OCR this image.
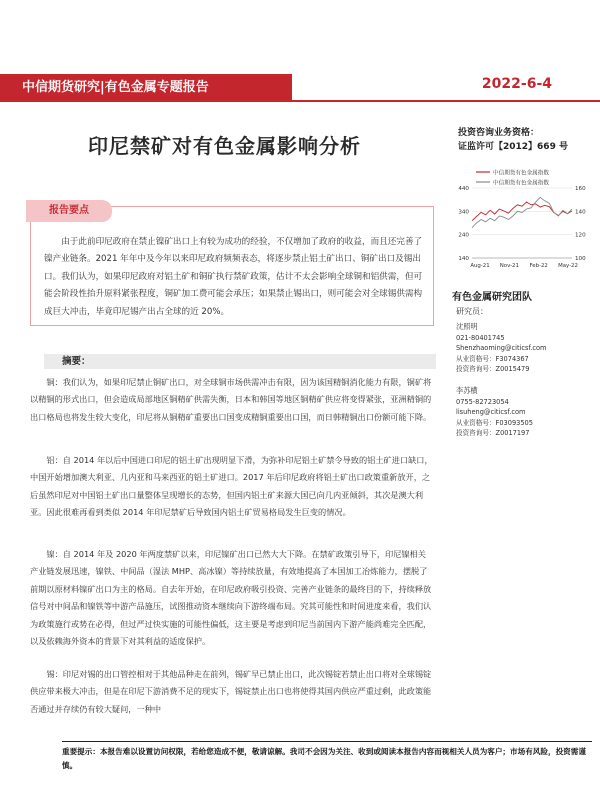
中信期货研究|有色金属专题报告	2022-6-4
印尼禁矿对有色金属影响分析
投资咨询业务资格：
证监许可【2012】669 号
中信期货有色金属指数
中信期货有色金属指数
440
340
240
140
160
140
120
100
Aug-21 Nov-21 Feb-22 May-22
报告要点

由于此前印尼政府在禁止镍矿出口上有较为成功的经验，不仅增加了政府的收益，而且还完善了镍产业链条。2021 年年中及今年以来印尼政府频频表态，将逐步禁止铝土矿出口、铜矿出口及锡出口。我们认为，如果印尼政府对铝土矿和铜矿执行禁矿政策，估计不太会影响全球铜和铝供需，但可能会阶段性抬升原料紧张程度，铜矿加工费可能会承压；如果禁止锡出口，则可能会对全球锡供需构成巨大冲击，毕竟印尼锡产出占全球的近 20%。

有色金属研究团队
研究员：
沈照明
021-80401745
Shenzhaoming@citicsf.com
从业资格号：F3074367
投资咨询号：Z0015479
李苏横
0755-82723054
lisuheng@citicsf.com
从业资格号：F03093505
投资咨询号：Z0017197
摘要：

铜：我们认为，如果印尼禁止铜矿出口，对全球铜市场供需冲击有限，因为该国精铜消化能力有限，铜矿将以精铜的形式出口，但会造成局部地区铜精矿供需失衡，日本和韩国等地区铜精矿供应将变得紧张，亚洲精铜的出口格局也将发生较大变化，印尼将从铜精矿重要出口国变成精铜重要出口国，而日韩精铜出口份额可能下降。

铝：自 2014 年以后中国进口印尼的铝土矿出现明显下滑，为弥补印尼铝土矿禁令导致的铝土矿进口缺口，中国开始增加澳大利亚、几内亚和马来西亚的铝土矿进口。2017 年后印尼政府将铝土矿出口政策重新放开，之后虽然印尼对中国铝土矿出口量整体呈现增长的态势，但国内铝土矿来源大国已向几内亚倾斜，其次是澳大利亚。因此很难再看到类似 2014 年印尼禁矿后导致国内铝土矿贸易格局发生巨变的情况。

镍：自 2014 年及 2020 年两度禁矿以来，印尼镍矿出口已然大大下降。在禁矿政策引导下，印尼镍相关产业链发展迅速，镍铁、中间品（湿法 MHP、高冰镍）等持续放量，有效地提高了本国加工冶炼能力，摆脱了前期以原材料镍矿出口为主的格局。自去年开始，在印尼政府吸引投资、完善产业链条的最终目的下，持续释放信号对中间品和镍铁等中游产品施压，试图推动资本继续向下游终端布局。究其可能性和时间进度来看，我们认为政策施行或势在必得，但过严过快实施的可能性偏低，这主要是考虑到印尼当前国内下游产能尚难完全匹配，以及依赖海外资本的背景下对其利益的适度保护。

锡：印尼对锡的出口管控相对于其他品种走在前列，锡矿早已禁止出口，此次锡锭若禁止出口将对全球锡锭供应带来极大冲击，但是在印尼下游消费不足的现实下，锡锭禁止出口也将使得其国内供应严重过剩，此政策能否通过并存续仍有较大疑问，一种中

重要提示：本报告难以设置访问权限，若给您造成不便，敬请谅解。我司不会因为关注、收到或阅读本报告内容而视相关人员为客户；市场有风险，投资需谨慎。
